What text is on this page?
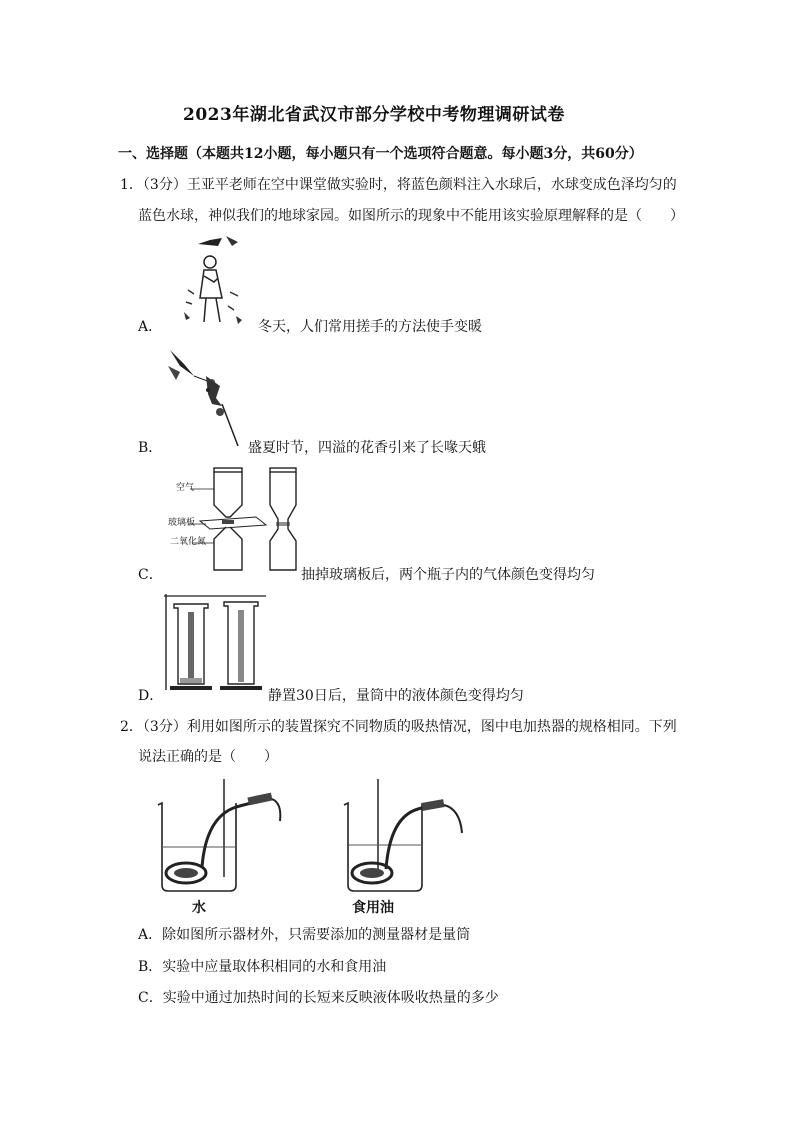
2023年湖北省武汉市部分学校中考物理调研试卷
一、选择题（本题共12小题，每小题只有一个选项符合题意。每小题3分，共60分）
1．（3分）王亚平老师在空中课堂做实验时，将蓝色颜料注入水球后，水球变成色泽均匀的
蓝色水球，神似我们的地球家园。如图所示的现象中不能用该实验原理解释的是（　　）
A．	冬天，人们常用搓手的方法使手变暖
B．	盛夏时节，四溢的花香引来了长喙天蛾
空气
玻璃板
二氧化氮
C．	抽掉玻璃板后，两个瓶子内的气体颜色变得均匀
D．	静置30日后，量筒中的液体颜色变得均匀
2．（3分）利用如图所示的装置探究不同物质的吸热情况，图中电加热器的规格相同。下列
说法正确的是（　　）
水	食用油
A．除如图所示器材外，只需要添加的测量器材是量筒
B．实验中应量取体积相同的水和食用油
C．实验中通过加热时间的长短来反映液体吸收热量的多少
